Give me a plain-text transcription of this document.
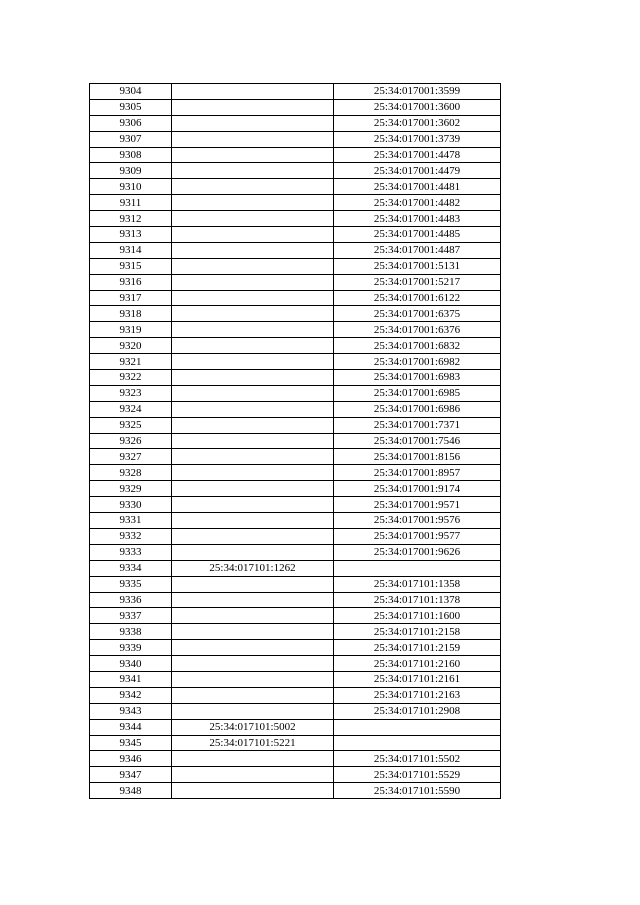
9304		25:34:017001:3599
9305		25:34:017001:3600
9306		25:34:017001:3602
9307		25:34:017001:3739
9308		25:34:017001:4478
9309		25:34:017001:4479
9310		25:34:017001:4481
9311		25:34:017001:4482
9312		25:34:017001:4483
9313		25:34:017001:4485
9314		25:34:017001:4487
9315		25:34:017001:5131
9316		25:34:017001:5217
9317		25:34:017001:6122
9318		25:34:017001:6375
9319		25:34:017001:6376
9320		25:34:017001:6832
9321		25:34:017001:6982
9322		25:34:017001:6983
9323		25:34:017001:6985
9324		25:34:017001:6986
9325		25:34:017001:7371
9326		25:34:017001:7546
9327		25:34:017001:8156
9328		25:34:017001:8957
9329		25:34:017001:9174
9330		25:34:017001:9571
9331		25:34:017001:9576
9332		25:34:017001:9577
9333		25:34:017001:9626
9334	25:34:017101:1262	
9335		25:34:017101:1358
9336		25:34:017101:1378
9337		25:34:017101:1600
9338		25:34:017101:2158
9339		25:34:017101:2159
9340		25:34:017101:2160
9341		25:34:017101:2161
9342		25:34:017101:2163
9343		25:34:017101:2908
9344	25:34:017101:5002	
9345	25:34:017101:5221	
9346		25:34:017101:5502
9347		25:34:017101:5529
9348		25:34:017101:5590
